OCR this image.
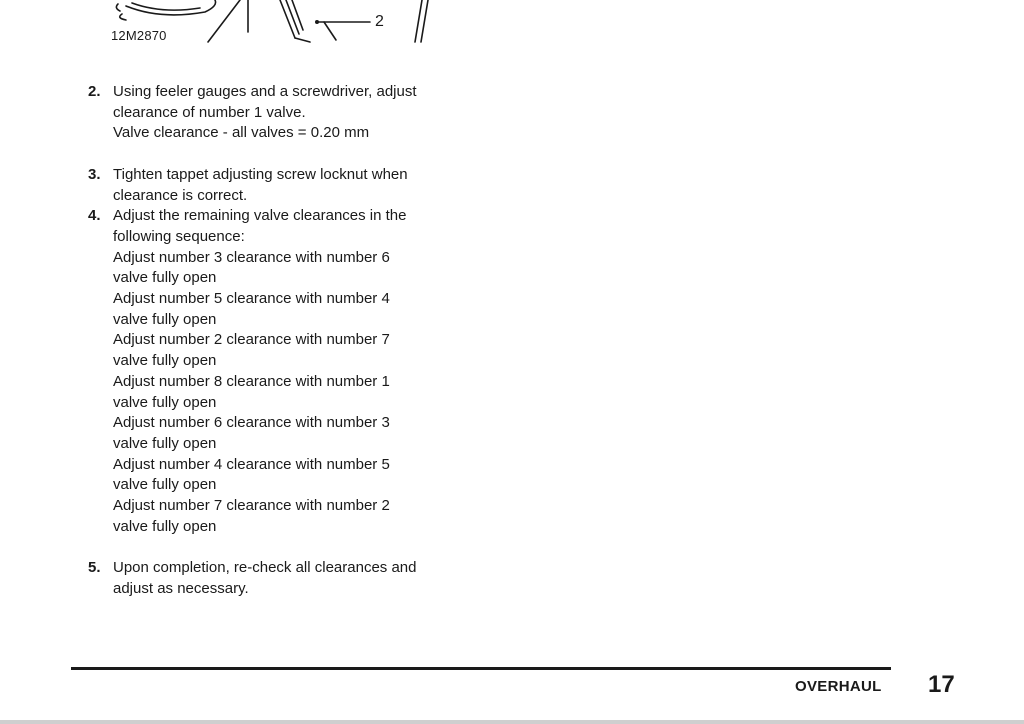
12M2870
2
2. Using feeler gauges and a screwdriver, adjust
clearance of number 1 valve.
Valve clearance - all valves = 0.20 mm
3. Tighten tappet adjusting screw locknut when
clearance is correct.
4. Adjust the remaining valve clearances in the
following sequence:
Adjust number 3 clearance with number 6
valve fully open
Adjust number 5 clearance with number 4
valve fully open
Adjust number 2 clearance with number 7
valve fully open
Adjust number 8 clearance with number 1
valve fully open
Adjust number 6 clearance with number 3
valve fully open
Adjust number 4 clearance with number 5
valve fully open
Adjust number 7 clearance with number 2
valve fully open
5. Upon completion, re-check all clearances and
adjust as necessary.
OVERHAUL 17
